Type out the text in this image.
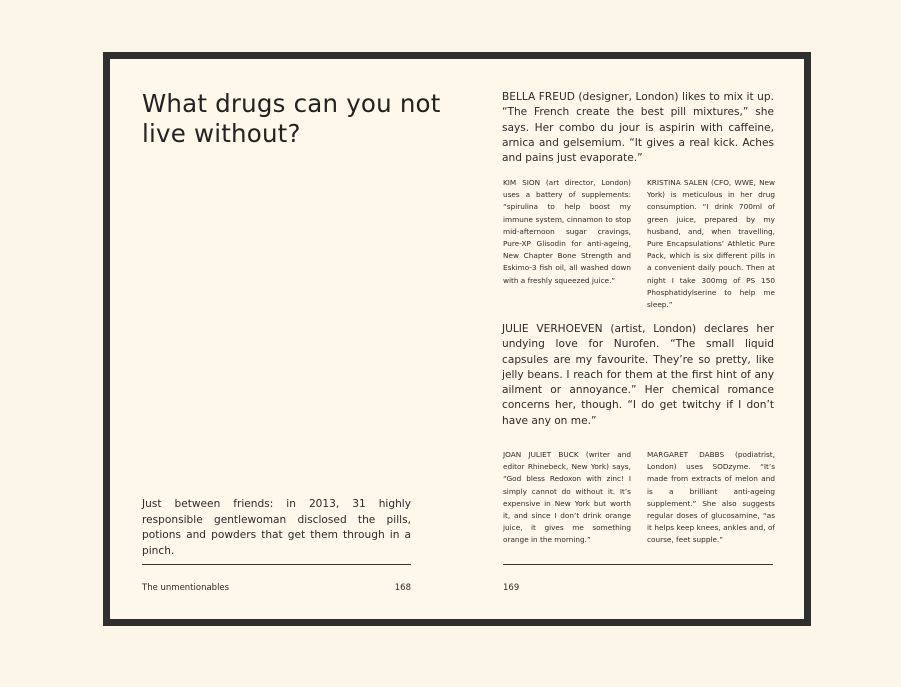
What drugs can you not live without?

Just between friends: in 2013, 31 highly responsible gentlewoman disclosed the pills, potions and powders that get them through in a pinch.

The unmentionables	168

BELLA FREUD (designer, London) likes to mix it up. “The French create the best pill mixtures,” she says. Her combo du jour is aspirin with caffeine, arnica and gelsemium. “It gives a real kick. Aches and pains just evaporate.”

KIM SION (art director, London) uses a battery of supplements: “spirulina to help boost my immune system, cinnamon to stop mid-afternoon sugar cravings, Pure-XP Glisodin for anti-ageing, New Chapter Bone Strength and Eskimo-3 fish oil, all washed down with a freshly squeezed juice.”

KRISTINA SALEN (CFO, WWE, New York) is meticulous in her drug consumption. “I drink 700ml of green juice, prepared by my husband, and, when travelling, Pure Encapsulations’ Athletic Pure Pack, which is six different pills in a convenient daily pouch. Then at night I take 300mg of PS 150 Phosphatidylserine to help me sleep.”

JULIE VERHOEVEN (artist, London) declares her undying love for Nurofen. “The small liquid capsules are my favourite. They’re so pretty, like jelly beans. I reach for them at the first hint of any ailment or annoyance.” Her chemical romance concerns her, though. “I do get twitchy if I don’t have any on me.”

JOAN JULIET BUCK (writer and editor Rhinebeck, New York) says, “God bless Redoxon with zinc! I simply cannot do without it. It’s expensive in New York but worth it, and since I don’t drink orange juice, it gives me something orange in the morning.”

MARGARET DABBS (podiatrist, London) uses SODzyme. “It’s made from extracts of melon and is a brilliant anti-ageing supplement.” She also suggests regular doses of glucosamine, “as it helps keep knees, ankles and, of course, feet supple.”

169
